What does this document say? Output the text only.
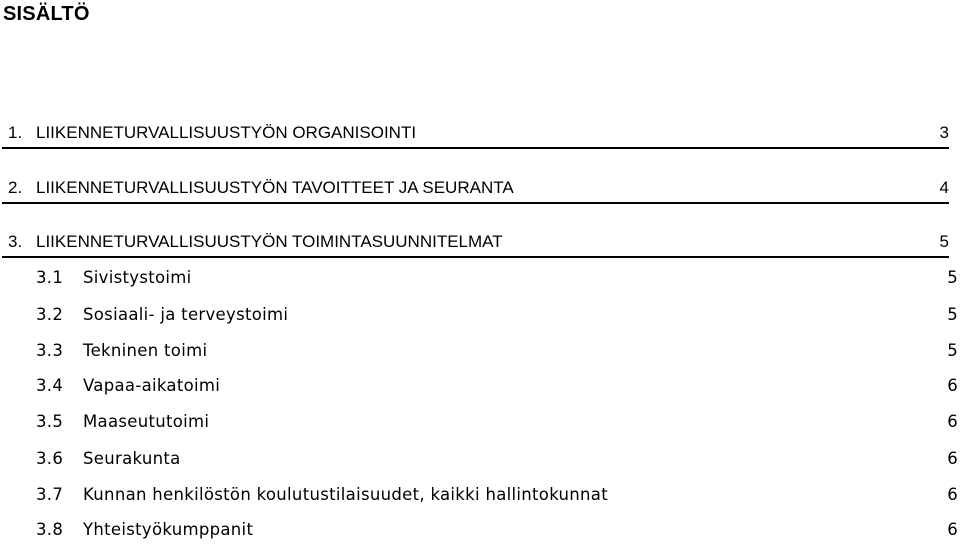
SISÄLTÖ
1. LIIKENNETURVALLISUUSTYÖN ORGANISOINTI	3
2. LIIKENNETURVALLISUUSTYÖN TAVOITTEET JA SEURANTA	4
3. LIIKENNETURVALLISUUSTYÖN TOIMINTASUUNNITELMAT	5
3.1 Sivistystoimi	5
3.2 Sosiaali- ja terveystoimi	5
3.3 Tekninen toimi	5
3.4 Vapaa-aikatoimi	6
3.5 Maaseututoimi	6
3.6 Seurakunta	6
3.7 Kunnan henkilöstön koulutustilaisuudet, kaikki hallintokunnat	6
3.8 Yhteistyökumppanit	6
